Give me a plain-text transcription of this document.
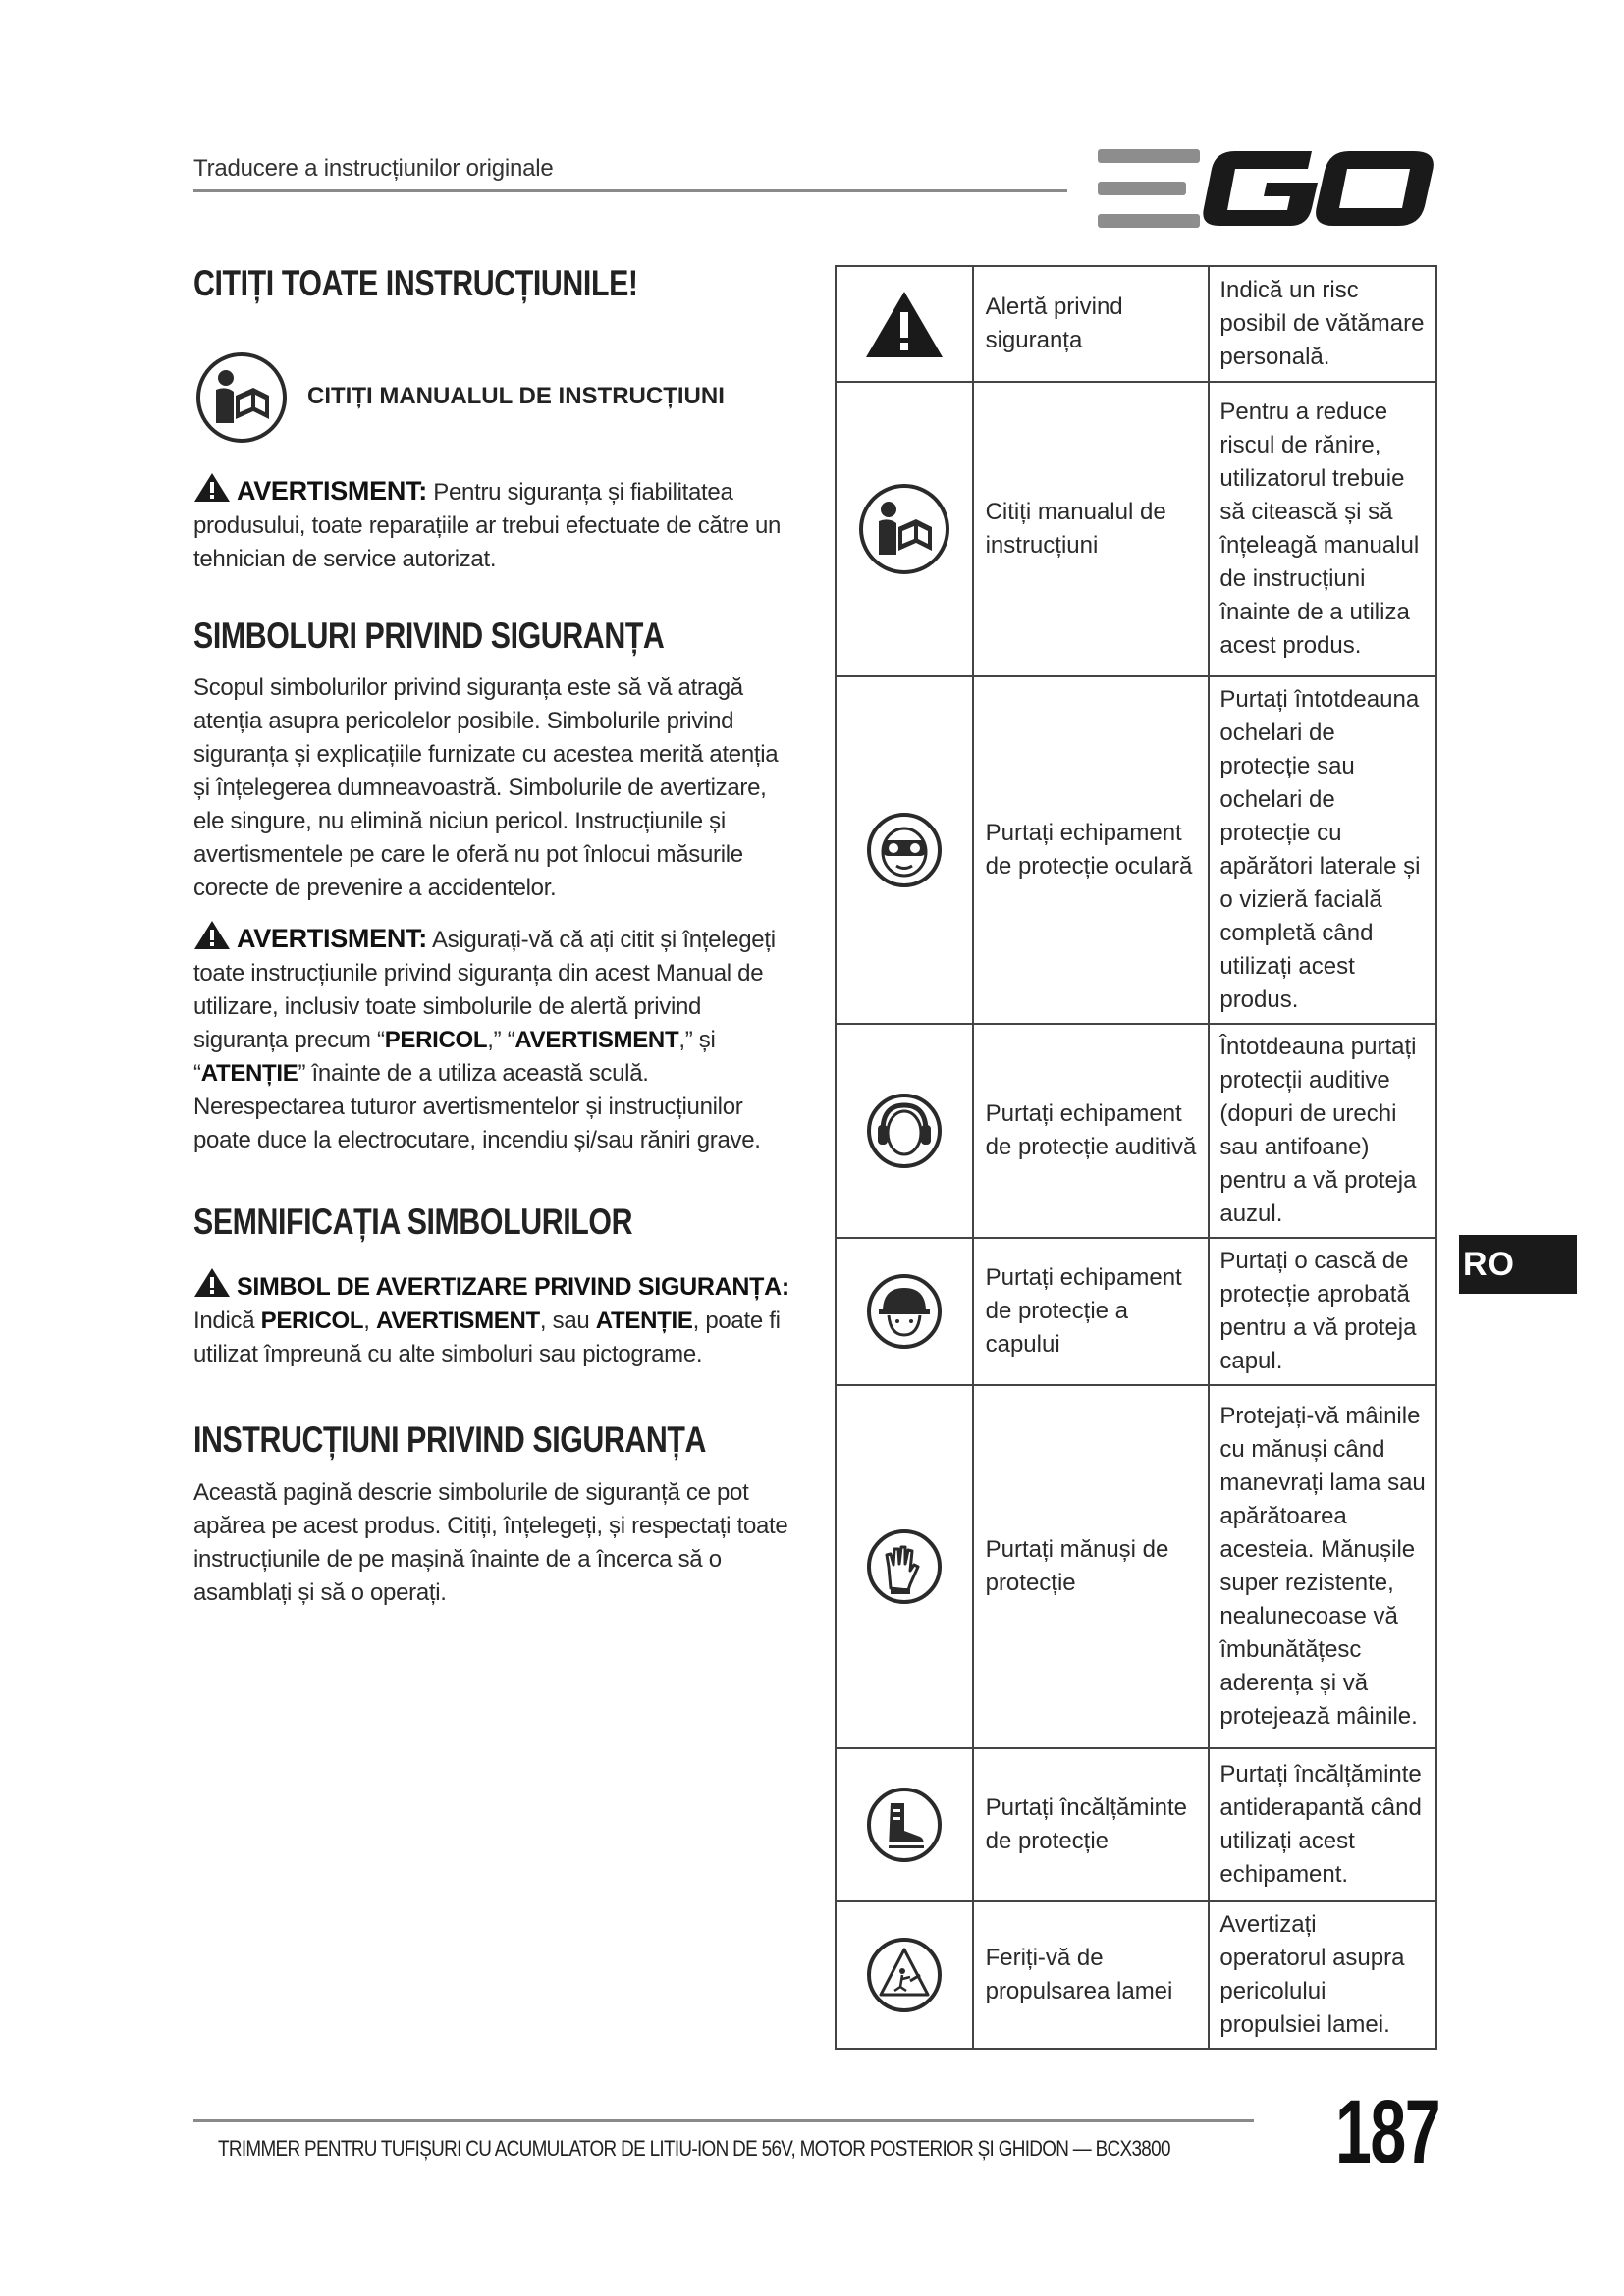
Traducere a instrucțiunilor originale
CITIȚI TOATE INSTRUCȚIUNILE!
CITIȚI MANUALUL DE INSTRUCȚIUNI
AVERTISMENT: Pentru siguranța și fiabilitatea produsului, toate reparațiile ar trebui efectuate de către un tehnician de service autorizat.
SIMBOLURI PRIVIND SIGURANȚA
Scopul simbolurilor privind siguranța este să vă atragă atenția asupra pericolelor posibile. Simbolurile privind siguranța și explicațiile furnizate cu acestea merită atenția și înțelegerea dumneavoastră. Simbolurile de avertizare, ele singure, nu elimină niciun pericol. Instrucțiunile și avertismentele pe care le oferă nu pot înlocui măsurile corecte de prevenire a accidentelor.
AVERTISMENT: Asigurați-vă că ați citit și înțelegeți toate instrucțiunile privind siguranța din acest Manual de utilizare, inclusiv toate simbolurile de alertă privind siguranța precum “PERICOL,” “AVERTISMENT,” și “ATENȚIE” înainte de a utiliza această sculă. Nerespectarea tuturor avertismentelor și instrucțiunilor poate duce la electrocutare, incendiu și/sau răniri grave.
SEMNIFICAȚIA SIMBOLURILOR
SIMBOL DE AVERTIZARE PRIVIND SIGURANȚA:
Indică PERICOL, AVERTISMENT, sau ATENȚIE, poate fi utilizat împreună cu alte simboluri sau pictograme.
INSTRUCȚIUNI PRIVIND SIGURANȚA
Această pagină descrie simbolurile de siguranță ce pot apărea pe acest produs. Citiți, înțelegeți, și respectați toate instrucțiunile de pe mașină înainte de a încerca să o asamblați și să o operați.
	Alertă privind siguranța	Indică un risc posibil de vătămare personală.

	Citiți manualul de instrucțiuni	Pentru a reduce riscul de rănire, utilizatorul trebuie să citească și să înțeleagă manualul de instrucțiuni înainte de a utiliza acest produs.

	Purtați echipament de protecție oculară	Purtați întotdeauna ochelari de protecție sau ochelari de protecție cu apărători laterale și o vizieră facială completă când utilizați acest produs.

	Purtați echipament de protecție auditivă	Întotdeauna purtați protecții auditive (dopuri de urechi sau antifoane) pentru a vă proteja auzul.

	Purtați echipament de protecție a capului	Purtați o cască de protecție aprobată pentru a vă proteja capul.

	Purtați mănuși de protecție	Protejați-vă mâinile cu mănuși când manevrați lama sau apărătoarea acesteia. Mănușile super rezistente, nealunecoase vă îmbunătățesc aderența și vă protejează mâinile.

	Purtați încălțăminte de protecție	Purtați încălțăminte antiderapantă când utilizați acest echipament.

	Feriți-vă de propulsarea lamei	Avertizați operatorul asupra pericolului propulsiei lamei.
RO
TRIMMER PENTRU TUFIȘURI CU ACUMULATOR DE LITIU-ION DE 56V, MOTOR POSTERIOR ȘI GHIDON — BCX3800 187
